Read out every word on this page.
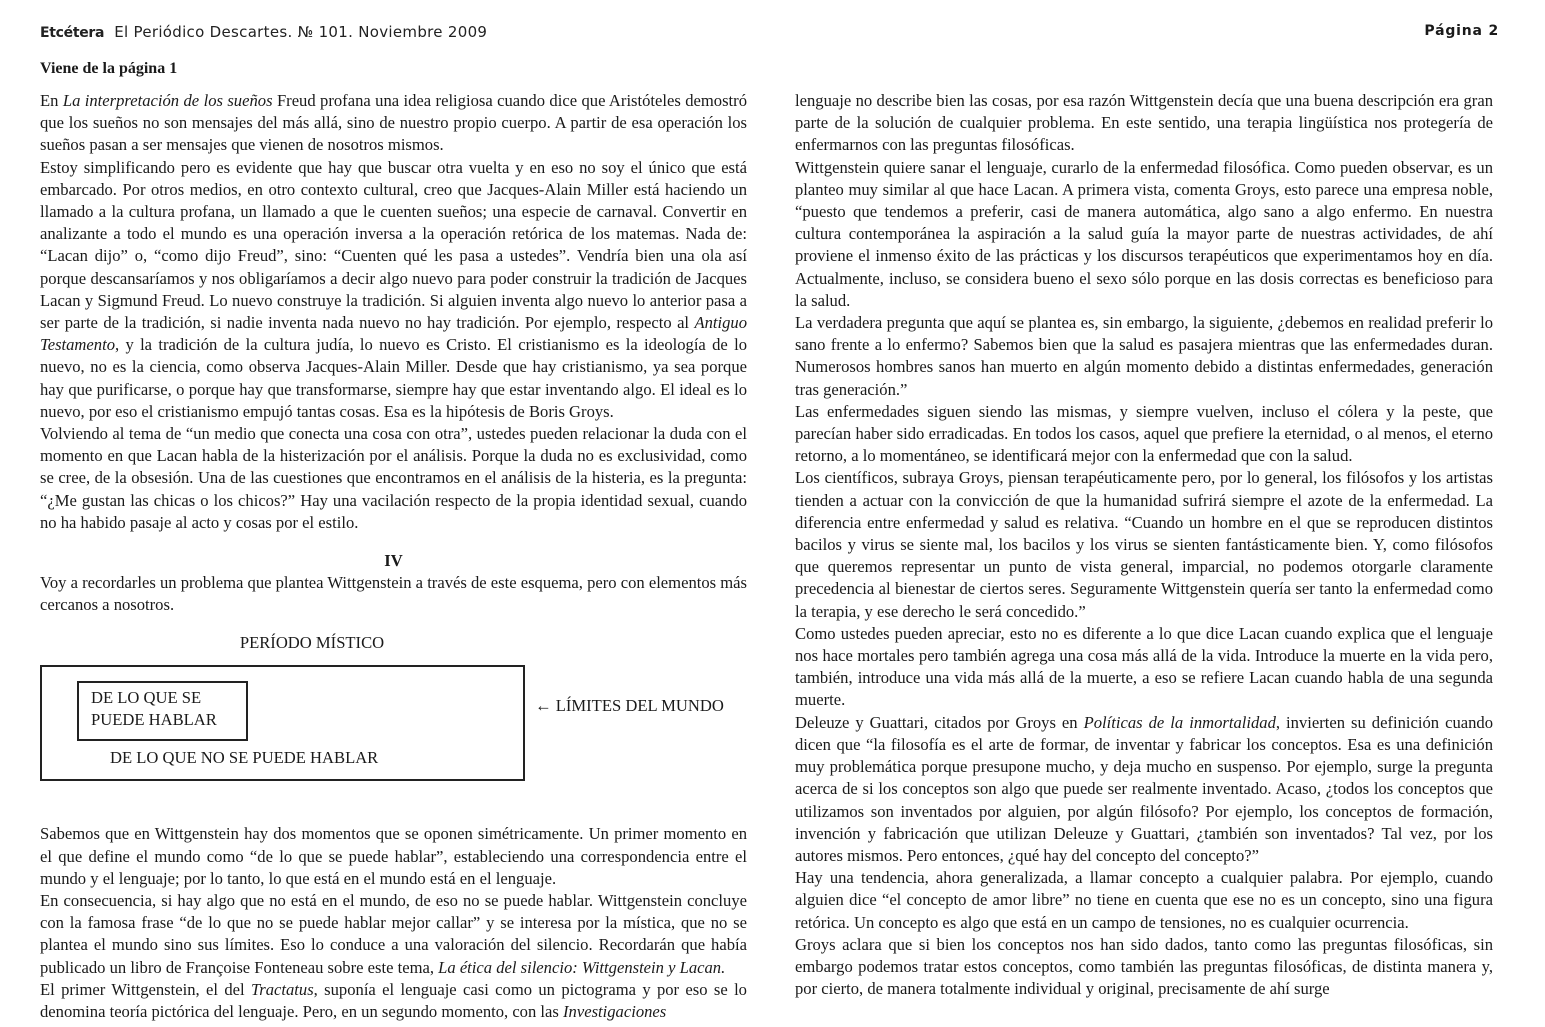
Etcétera El Periódico Descartes. № 101. Noviembre 2009	Página 2
Viene de la página 1

En La interpretación de los sueños Freud profana una idea religiosa cuando dice que Aristóteles demostró que los sueños no son mensajes del más allá, sino de nuestro propio cuerpo. A partir de esa operación los sueños pasan a ser mensajes que vienen de nosotros mismos.

Estoy simplificando pero es evidente que hay que buscar otra vuelta y en eso no soy el único que está embarcado. Por otros medios, en otro contexto cultural, creo que Jacques-Alain Miller está haciendo un llamado a la cultura profana, un llamado a que le cuenten sueños; una especie de carnaval. Convertir en analizante a todo el mundo es una operación inversa a la operación retórica de los matemas. Nada de: “Lacan dijo” o, “como dijo Freud”, sino: “Cuenten qué les pasa a ustedes”. Vendría bien una ola así porque descansaríamos y nos obligaríamos a decir algo nuevo para poder construir la tradición de Jacques Lacan y Sigmund Freud. Lo nuevo construye la tradición. Si alguien inventa algo nuevo lo anterior pasa a ser parte de la tradición, si nadie inventa nada nuevo no hay tradición. Por ejemplo, respecto al Antiguo Testamento, y la tradición de la cultura judía, lo nuevo es Cristo. El cristianismo es la ideología de lo nuevo, no es la ciencia, como observa Jacques-Alain Miller. Desde que hay cristianismo, ya sea porque hay que purificarse, o porque hay que transformarse, siempre hay que estar inventando algo. El ideal es lo nuevo, por eso el cristianismo empujó tantas cosas. Esa es la hipótesis de Boris Groys.

Volviendo al tema de “un medio que conecta una cosa con otra”, ustedes pueden relacionar la duda con el momento en que Lacan habla de la histerización por el análisis. Porque la duda no es exclusividad, como se cree, de la obsesión. Una de las cuestiones que encontramos en el análisis de la histeria, es la pregunta: “¿Me gustan las chicas o los chicos?” Hay una vacilación respecto de la propia identidad sexual, cuando no ha habido pasaje al acto y cosas por el estilo.

IV

Voy a recordarles un problema que plantea Wittgenstein a través de este esquema, pero con elementos más cercanos a nosotros.

PERÍODO MÍSTICO
DE LO QUE SE
PUEDE HABLAR
DE LO QUE NO SE PUEDE HABLAR
← LÍMITES DEL MUNDO

Sabemos que en Wittgenstein hay dos momentos que se oponen simétricamente. Un primer momento en el que define el mundo como “de lo que se puede hablar”, estableciendo una correspondencia entre el mundo y el lenguaje; por lo tanto, lo que está en el mundo está en el lenguaje.

En consecuencia, si hay algo que no está en el mundo, de eso no se puede hablar. Wittgenstein concluye con la famosa frase “de lo que no se puede hablar mejor callar” y se interesa por la mística, que no se plantea el mundo sino sus límites. Eso lo conduce a una valoración del silencio. Recordarán que había publicado un libro de Françoise Fonteneau sobre este tema, La ética del silencio: Wittgenstein y Lacan.

El primer Wittgenstein, el del Tractatus, suponía el lenguaje casi como un pictograma y por eso se lo denomina teoría pictórica del lenguaje. Pero, en un segundo momento, con las Investigaciones

lenguaje no describe bien las cosas, por esa razón Wittgenstein decía que una buena descripción era gran parte de la solución de cualquier problema. En este sentido, una terapia lingüística nos protegería de enfermarnos con las preguntas filosóficas.

Wittgenstein quiere sanar el lenguaje, curarlo de la enfermedad filosófica. Como pueden observar, es un planteo muy similar al que hace Lacan. A primera vista, comenta Groys, esto parece una empresa noble, “puesto que tendemos a preferir, casi de manera automática, algo sano a algo enfermo. En nuestra cultura contemporánea la aspiración a la salud guía la mayor parte de nuestras actividades, de ahí proviene el inmenso éxito de las prácticas y los discursos terapéuticos que experimentamos hoy en día. Actualmente, incluso, se considera bueno el sexo sólo porque en las dosis correctas es beneficioso para la salud.

La verdadera pregunta que aquí se plantea es, sin embargo, la siguiente, ¿debemos en realidad preferir lo sano frente a lo enfermo? Sabemos bien que la salud es pasajera mientras que las enfermedades duran. Numerosos hombres sanos han muerto en algún momento debido a distintas enfermedades, generación tras generación.”

Las enfermedades siguen siendo las mismas, y siempre vuelven, incluso el cólera y la peste, que parecían haber sido erradicadas. En todos los casos, aquel que prefiere la eternidad, o al menos, el eterno retorno, a lo momentáneo, se identificará mejor con la enfermedad que con la salud.

Los científicos, subraya Groys, piensan terapéuticamente pero, por lo general, los filósofos y los artistas tienden a actuar con la convicción de que la humanidad sufrirá siempre el azote de la enfermedad. La diferencia entre enfermedad y salud es relativa. “Cuando un hombre en el que se reproducen distintos bacilos y virus se siente mal, los bacilos y los virus se sienten fantásticamente bien. Y, como filósofos que queremos representar un punto de vista general, imparcial, no podemos otorgarle claramente precedencia al bienestar de ciertos seres. Seguramente Wittgenstein quería ser tanto la enfermedad como la terapia, y ese derecho le será concedido.”

Como ustedes pueden apreciar, esto no es diferente a lo que dice Lacan cuando explica que el lenguaje nos hace mortales pero también agrega una cosa más allá de la vida. Introduce la muerte en la vida pero, también, introduce una vida más allá de la muerte, a eso se refiere Lacan cuando habla de una segunda muerte.

Deleuze y Guattari, citados por Groys en Políticas de la inmortalidad, invierten su definición cuando dicen que “la filosofía es el arte de formar, de inventar y fabricar los conceptos. Esa es una definición muy problemática porque presupone mucho, y deja mucho en suspenso. Por ejemplo, surge la pregunta acerca de si los conceptos son algo que puede ser realmente inventado. Acaso, ¿todos los conceptos que utilizamos son inventados por alguien, por algún filósofo? Por ejemplo, los conceptos de formación, invención y fabricación que utilizan Deleuze y Guattari, ¿también son inventados? Tal vez, por los autores mismos. Pero entonces, ¿qué hay del concepto del concepto?”

Hay una tendencia, ahora generalizada, a llamar concepto a cualquier palabra. Por ejemplo, cuando alguien dice “el concepto de amor libre” no tiene en cuenta que ese no es un concepto, sino una figura retórica. Un concepto es algo que está en un campo de tensiones, no es cualquier ocurrencia.

Groys aclara que si bien los conceptos nos han sido dados, tanto como las preguntas filosóficas, sin embargo podemos tratar estos conceptos, como también las preguntas filosóficas, de distinta manera y, por cierto, de manera totalmente individual y original, precisamente de ahí surge
